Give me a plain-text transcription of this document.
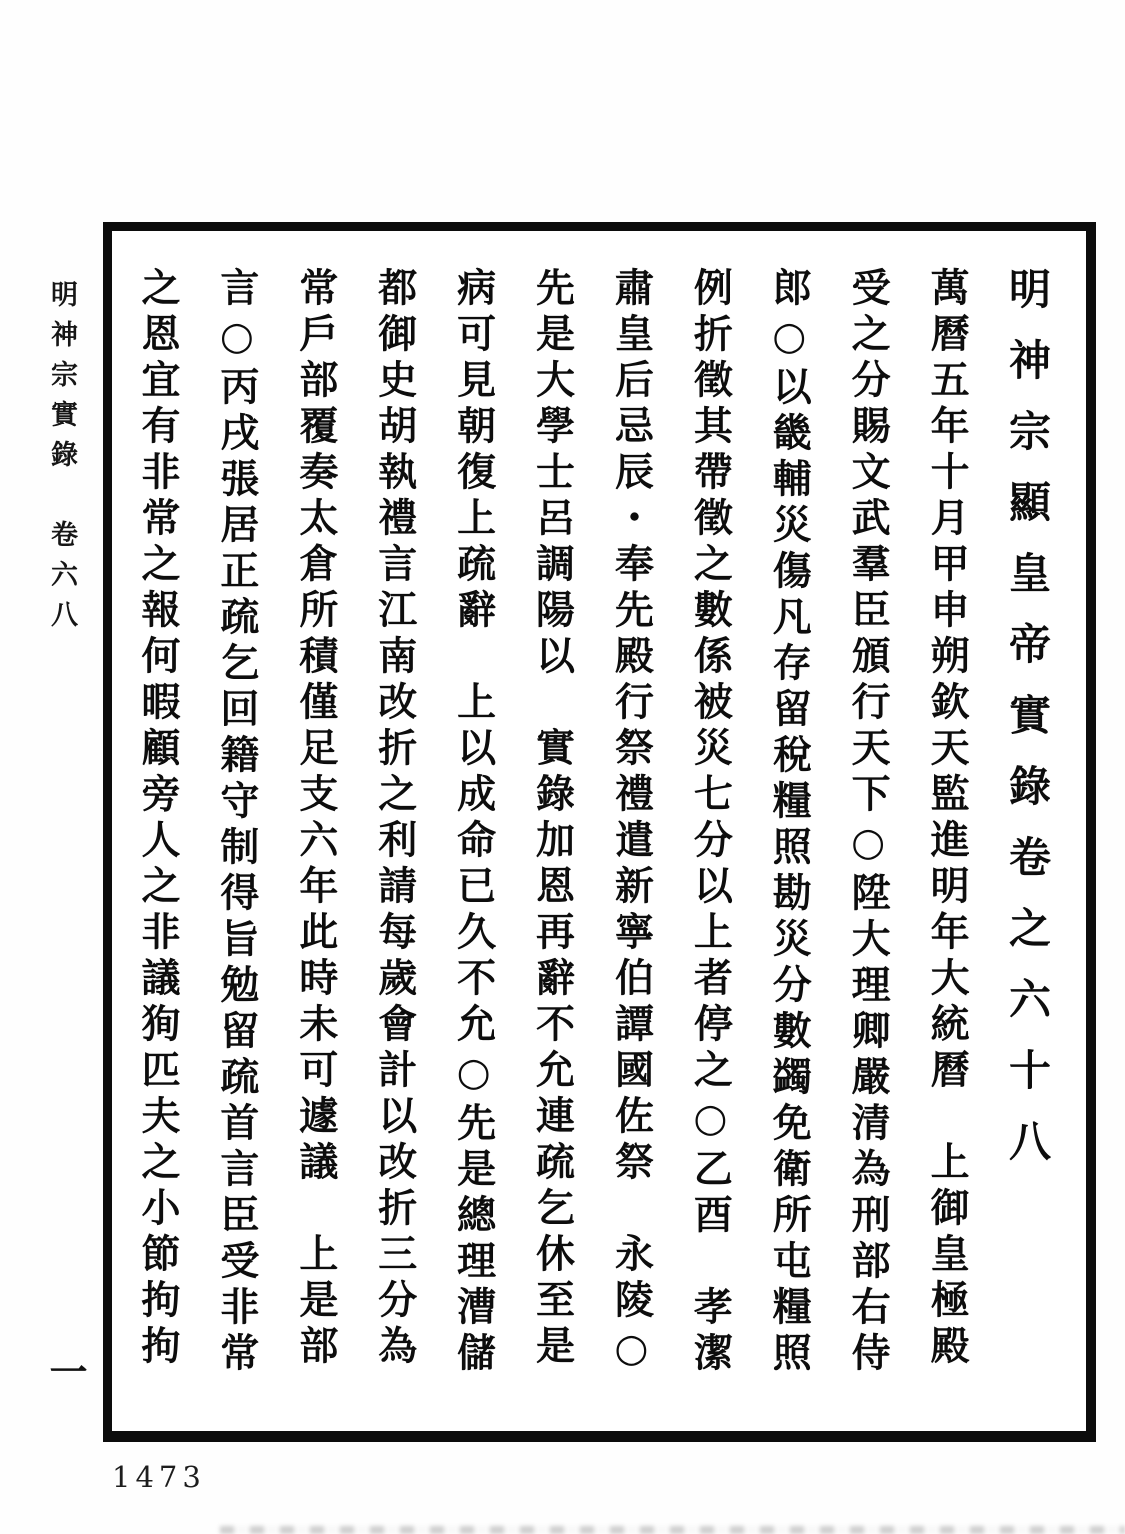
明神宗實錄　卷六八
一
明神宗顯皇帝實錄卷之六十八
萬曆五年十月甲申朔欽天監進明年大統曆　上御皇極殿
受之分賜文武羣臣頒行天下○陞大理卿嚴清為刑部右侍
郎○以畿輔災傷凡存留稅糧照勘災分數蠲免衛所屯糧照
例折徵其帶徵之數係被災七分以上者停之○乙酉　孝潔
肅皇后忌辰・奉先殿行祭禮遣新寧伯譚國佐祭　永陵○
先是大學士呂調陽以　實錄加恩再辭不允連疏乞休至是
病可見朝復上疏辭　上以成命已久不允○先是總理漕儲
都御史胡執禮言江南改折之利請每歲會計以改折三分為
常戶部覆奏太倉所積僅足支六年此時未可遽議　上是部
言○丙戌張居正疏乞回籍守制得旨勉留疏首言臣受非常
之恩宜有非常之報何暇顧旁人之非議狥匹夫之小節拘拘
1473
